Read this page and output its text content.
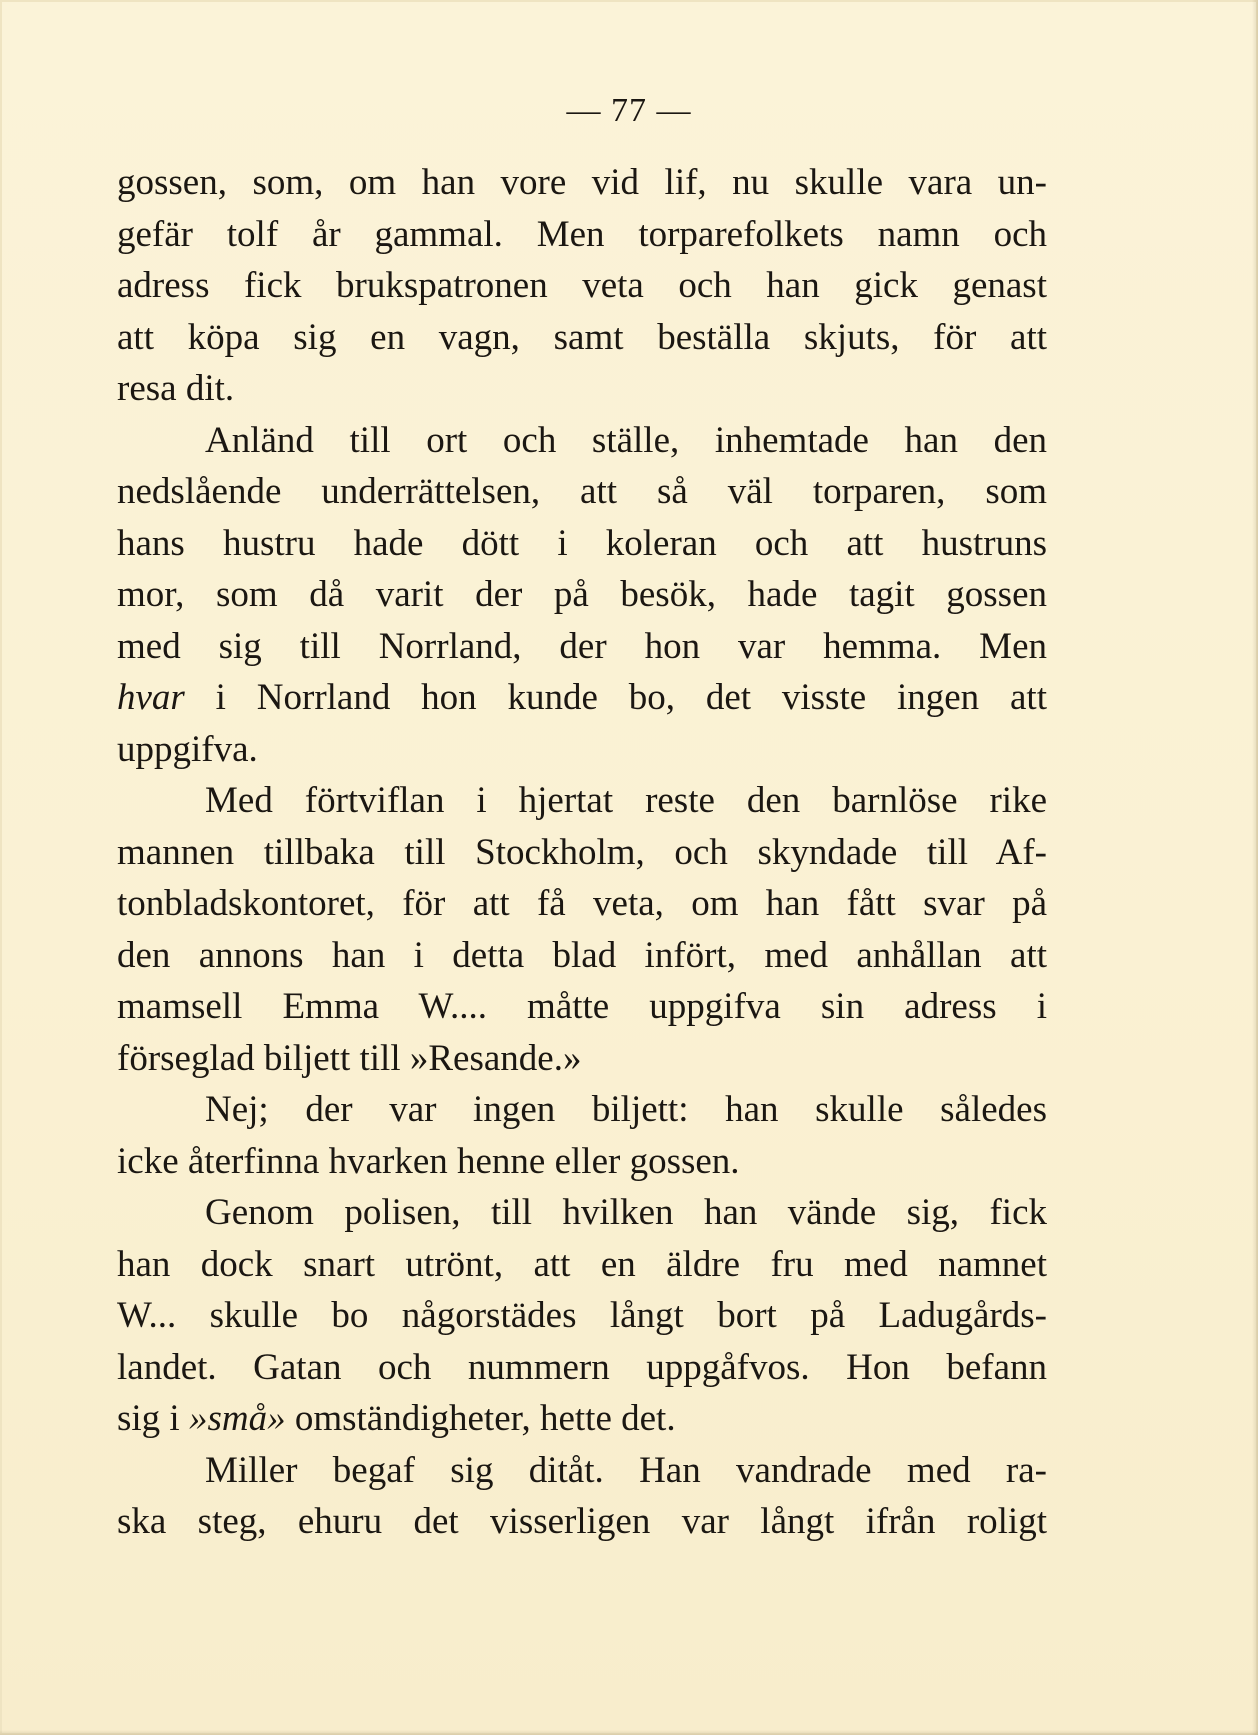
— 77 —

gossen, som, om han vore vid lif, nu skulle vara un-
gefär tolf år gammal. Men torparefolkets namn och
adress fick brukspatronen veta och han gick genast
att köpa sig en vagn, samt beställa skjuts, för att
resa dit.

Anländ till ort och ställe, inhemtade han den
nedslående underrättelsen, att så väl torparen, som
hans hustru hade dött i koleran och att hustruns
mor, som då varit der på besök, hade tagit gossen
med sig till Norrland, der hon var hemma. Men
hvar i Norrland hon kunde bo, det visste ingen att
uppgifva.

Med förtviflan i hjertat reste den barnlöse rike
mannen tillbaka till Stockholm, och skyndade till Af-
tonbladskontoret, för att få veta, om han fått svar på
den annons han i detta blad infört, med anhållan att
mamsell Emma W.... måtte uppgifva sin adress i
förseglad biljett till »Resande.»

Nej; der var ingen biljett: han skulle således
icke återfinna hvarken henne eller gossen.

Genom polisen, till hvilken han vände sig, fick
han dock snart utrönt, att en äldre fru med namnet
W... skulle bo någorstädes långt bort på Ladugårds-
landet. Gatan och nummern uppgåfvos. Hon befann
sig i »små» omständigheter, hette det.

Miller begaf sig ditåt. Han vandrade med ra-
ska steg, ehuru det visserligen var långt ifrån roligt
